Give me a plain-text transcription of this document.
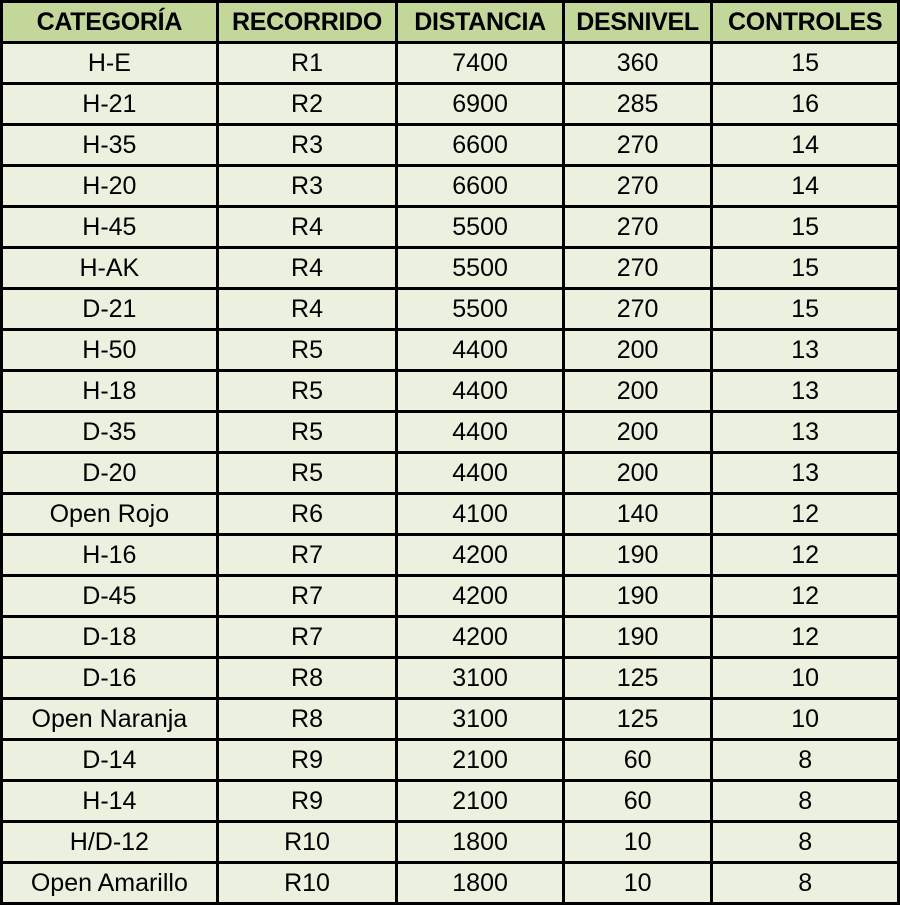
CATEGORÍA	RECORRIDO	DISTANCIA	DESNIVEL	CONTROLES
H-E	R1	7400	360	15
H-21	R2	6900	285	16
H-35	R3	6600	270	14
H-20	R3	6600	270	14
H-45	R4	5500	270	15
H-AK	R4	5500	270	15
D-21	R4	5500	270	15
H-50	R5	4400	200	13
H-18	R5	4400	200	13
D-35	R5	4400	200	13
D-20	R5	4400	200	13
Open Rojo	R6	4100	140	12
H-16	R7	4200	190	12
D-45	R7	4200	190	12
D-18	R7	4200	190	12
D-16	R8	3100	125	10
Open Naranja	R8	3100	125	10
D-14	R9	2100	60	8
H-14	R9	2100	60	8
H/D-12	R10	1800	10	8
Open Amarillo	R10	1800	10	8
